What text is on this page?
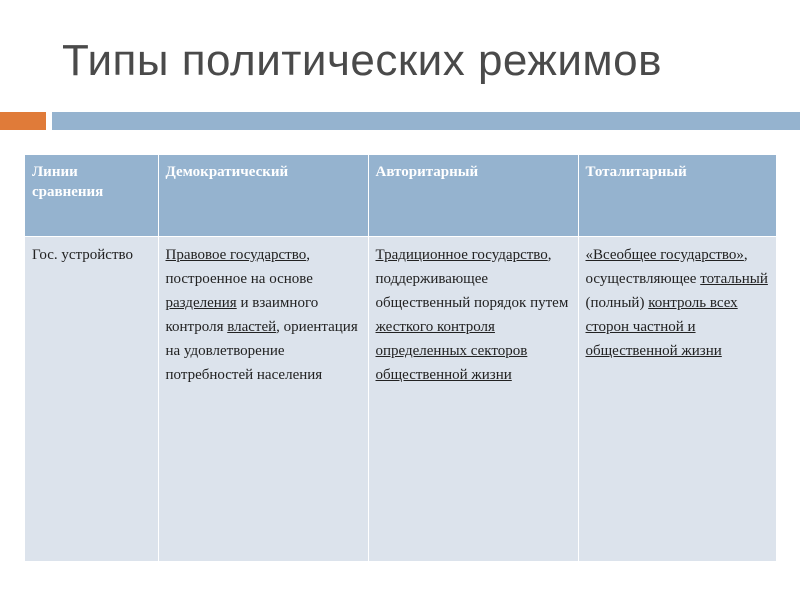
Типы политических режимов
Линии сравнения	Демократический	Авторитарный	Тоталитарный
Гос. устройство	Правовое государство, построенное на основе разделения и взаимного контроля властей, ориентация на удовлетворение потребностей населения	Традиционное государство, поддерживающее общественный порядок путем жесткого контроля определенных секторов общественной жизни	«Всеобщее государство», осуществляющее тотальный (полный) контроль всех сторон частной и общественной жизни
